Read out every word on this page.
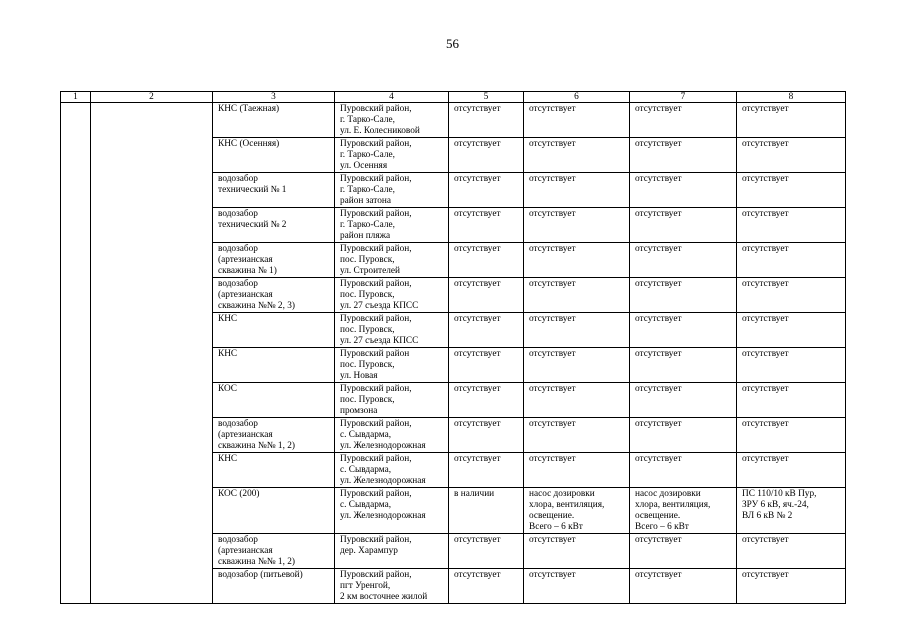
56
1	2	3	4	5	6	7	8
		КНС (Таежная)	Пуровский район,
г. Тарко-Сале,
ул. Е. Колесниковой	отсутствует	отсутствует	отсутствует	отсутствует
		КНС (Осенняя)	Пуровский район,
г. Тарко-Сале,
ул. Осенняя	отсутствует	отсутствует	отсутствует	отсутствует
		водозабор
технический № 1	Пуровский район,
г. Тарко-Сале,
район затона	отсутствует	отсутствует	отсутствует	отсутствует
		водозабор
технический № 2	Пуровский район,
г. Тарко-Сале,
район пляжа	отсутствует	отсутствует	отсутствует	отсутствует
		водозабор
(артезианская
скважина № 1)	Пуровский район,
пос. Пуровск,
ул. Строителей	отсутствует	отсутствует	отсутствует	отсутствует
		водозабор
(артезианская
скважина №№ 2, 3)	Пуровский район,
пос. Пуровск,
ул. 27 съезда КПСС	отсутствует	отсутствует	отсутствует	отсутствует
		КНС	Пуровский район,
пос. Пуровск,
ул. 27 съезда КПСС	отсутствует	отсутствует	отсутствует	отсутствует
		КНС	Пуровский район
пос. Пуровск,
ул. Новая	отсутствует	отсутствует	отсутствует	отсутствует
		КОС	Пуровский район,
пос. Пуровск,
промзона	отсутствует	отсутствует	отсутствует	отсутствует
		водозабор
(артезианская
скважина №№ 1, 2)	Пуровский район,
с. Сывдарма,
ул. Железнодорожная	отсутствует	отсутствует	отсутствует	отсутствует
		КНС	Пуровский район,
с. Сывдарма,
ул. Железнодорожная	отсутствует	отсутствует	отсутствует	отсутствует
		КОС (200)	Пуровский район,
с. Сывдарма,
ул. Железнодорожная	в наличии	насос дозировки
хлора, вентиляция,
освещение.
Всего – 6 кВт	насос дозировки
хлора, вентиляция,
освещение.
Всего – 6 кВт	ПС 110/10 кВ Пур,
ЗРУ 6 кВ, яч.-24,
ВЛ 6 кВ № 2
		водозабор
(артезианская
скважина №№ 1, 2)	Пуровский район,
дер. Харампур	отсутствует	отсутствует	отсутствует	отсутствует
		водозабор (питьевой)	Пуровский район,
пгт Уренгой,
2 км восточнее жилой	отсутствует	отсутствует	отсутствует	отсутствует
